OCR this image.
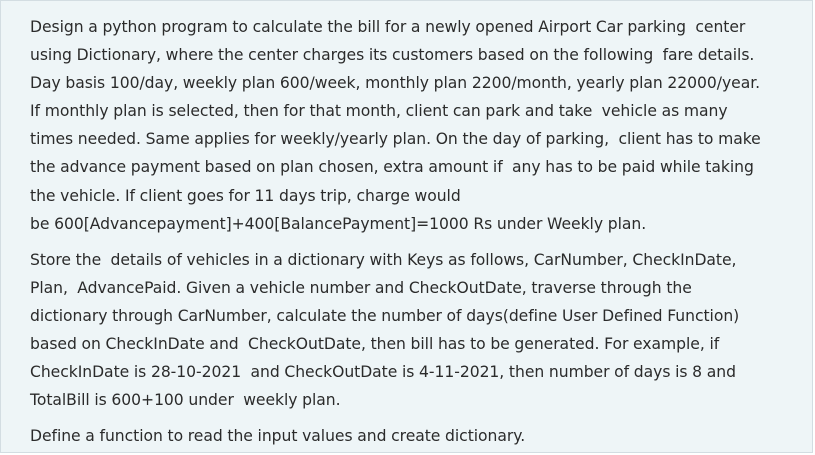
Design a python program to calculate the bill for a newly opened Airport Car parking  center
using Dictionary, where the center charges its customers based on the following  fare details.
Day basis 100/day, weekly plan 600/week, monthly plan 2200/month, yearly plan 22000/year.
If monthly plan is selected, then for that month, client can park and take  vehicle as many
times needed. Same applies for weekly/yearly plan. On the day of parking,  client has to make
the advance payment based on plan chosen, extra amount if  any has to be paid while taking
the vehicle. If client goes for 11 days trip, charge would
be 600[Advancepayment]+400[BalancePayment]=1000 Rs under Weekly plan.
Store the  details of vehicles in a dictionary with Keys as follows, CarNumber, CheckInDate,
Plan,  AdvancePaid. Given a vehicle number and CheckOutDate, traverse through the
dictionary through CarNumber, calculate the number of days(define User Defined Function)
based on CheckInDate and  CheckOutDate, then bill has to be generated. For example, if
CheckInDate is 28-10-2021  and CheckOutDate is 4-11-2021, then number of days is 8 and
TotalBill is 600+100 under  weekly plan.
Define a function to read the input values and create dictionary.
